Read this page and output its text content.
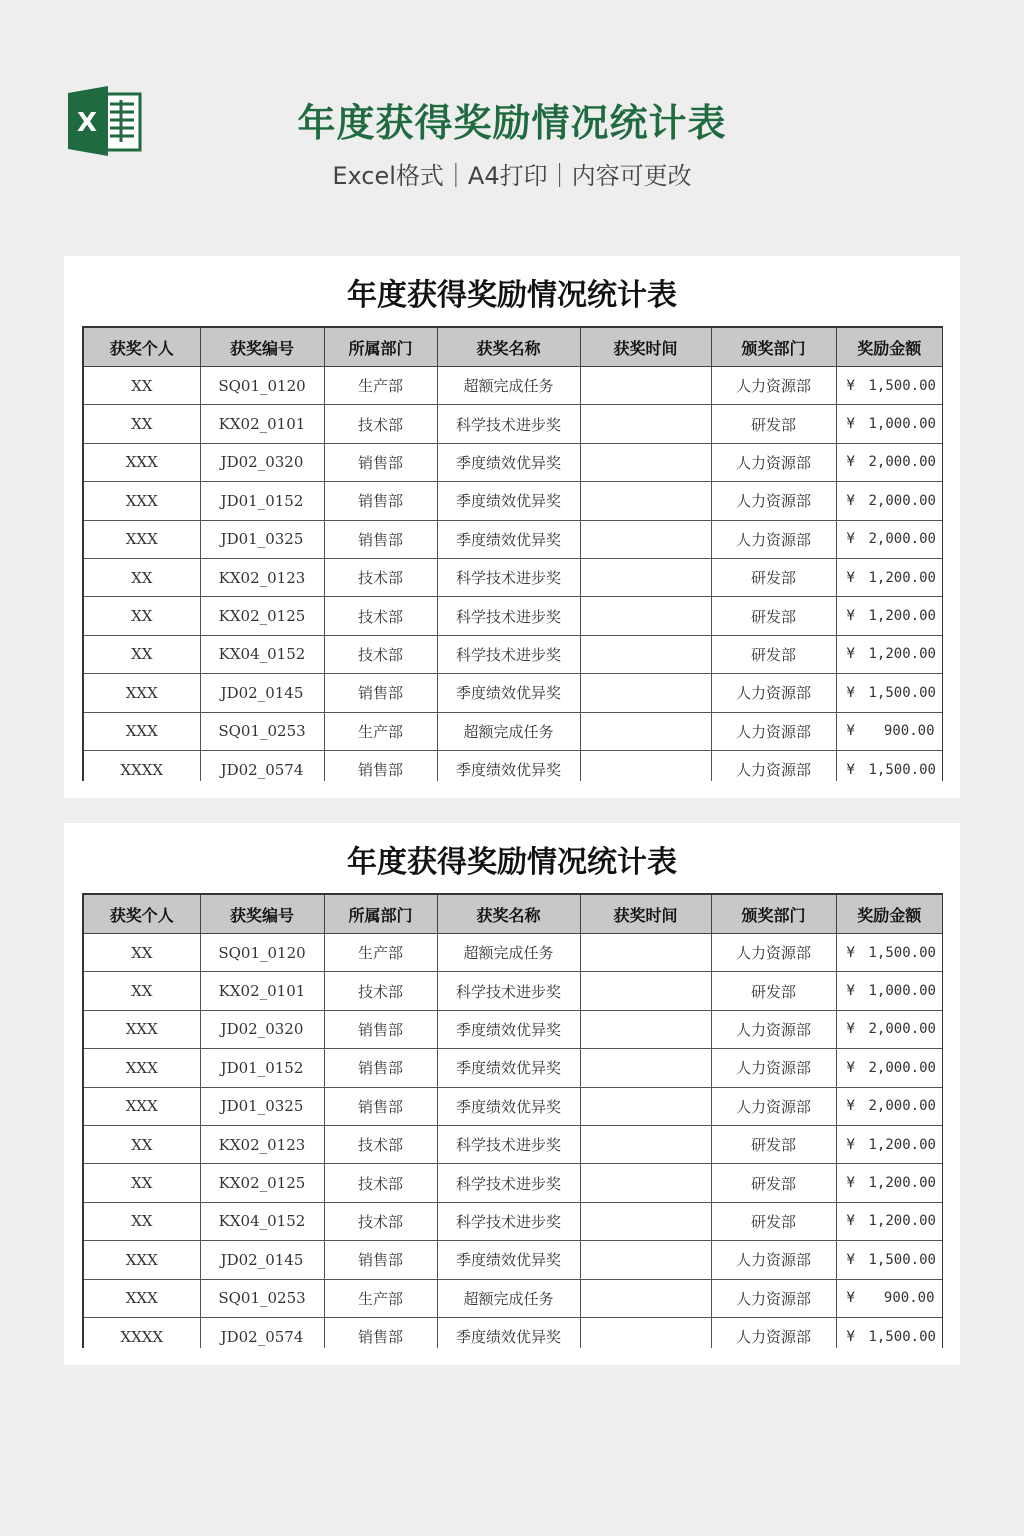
X	年度获得奖励情况统计表
Excel格式｜A4打印｜内容可更改
年度获得奖励情况统计表
获奖个人	获奖编号	所属部门	获奖名称	获奖时间	颁奖部门	奖励金额
XX	SQ01_0120	生产部	超额完成任务		人力资源部	¥ 1,500.00
XX	KX02_0101	技术部	科学技术进步奖		研发部	¥ 1,000.00
XXX	JD02_0320	销售部	季度绩效优异奖		人力资源部	¥ 2,000.00
XXX	JD01_0152	销售部	季度绩效优异奖		人力资源部	¥ 2,000.00
XXX	JD01_0325	销售部	季度绩效优异奖		人力资源部	¥ 2,000.00
XX	KX02_0123	技术部	科学技术进步奖		研发部	¥ 1,200.00
XX	KX02_0125	技术部	科学技术进步奖		研发部	¥ 1,200.00
XX	KX04_0152	技术部	科学技术进步奖		研发部	¥ 1,200.00
XXX	JD02_0145	销售部	季度绩效优异奖		人力资源部	¥ 1,500.00
XXX	SQ01_0253	生产部	超额完成任务		人力资源部	¥ 900.00
XXXX	JD02_0574	销售部	季度绩效优异奖		人力资源部	¥ 1,500.00
年度获得奖励情况统计表
获奖个人	获奖编号	所属部门	获奖名称	获奖时间	颁奖部门	奖励金额
XX	SQ01_0120	生产部	超额完成任务		人力资源部	¥ 1,500.00
XX	KX02_0101	技术部	科学技术进步奖		研发部	¥ 1,000.00
XXX	JD02_0320	销售部	季度绩效优异奖		人力资源部	¥ 2,000.00
XXX	JD01_0152	销售部	季度绩效优异奖		人力资源部	¥ 2,000.00
XXX	JD01_0325	销售部	季度绩效优异奖		人力资源部	¥ 2,000.00
XX	KX02_0123	技术部	科学技术进步奖		研发部	¥ 1,200.00
XX	KX02_0125	技术部	科学技术进步奖		研发部	¥ 1,200.00
XX	KX04_0152	技术部	科学技术进步奖		研发部	¥ 1,200.00
XXX	JD02_0145	销售部	季度绩效优异奖		人力资源部	¥ 1,500.00
XXX	SQ01_0253	生产部	超额完成任务		人力资源部	¥ 900.00
XXXX	JD02_0574	销售部	季度绩效优异奖		人力资源部	¥ 1,500.00
